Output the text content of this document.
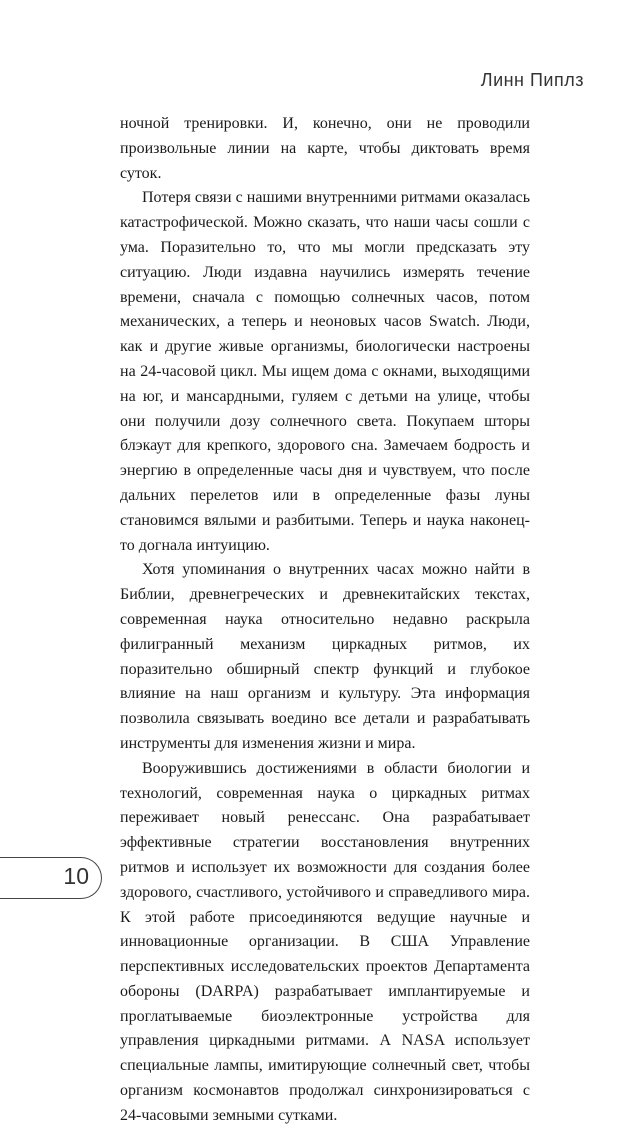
Линн Пиплз

ночной тренировки. И, конечно, они не проводили произвольные линии на карте, чтобы диктовать время суток.

Потеря связи с нашими внутренними ритмами оказалась катастрофической. Можно сказать, что наши часы сошли с ума. Поразительно то, что мы могли предсказать эту ситуацию. Люди издавна научились измерять течение времени, сначала с помощью солнечных часов, потом механических, а теперь и неоновых часов Swatch. Люди, как и другие живые организмы, биологически настроены на 24-часовой цикл. Мы ищем дома с окнами, выходящими на юг, и мансардными, гуляем с детьми на улице, чтобы они получили дозу солнечного света. Покупаем шторы блэкаут для крепкого, здорового сна. Замечаем бодрость и энергию в определенные часы дня и чувствуем, что после дальних перелетов или в определенные фазы луны становимся вялыми и разбитыми. Теперь и наука наконец-то догнала интуицию.

Хотя упоминания о внутренних часах можно найти в Библии, древнегреческих и древнекитайских текстах, современная наука относительно недавно раскрыла филигранный механизм циркадных ритмов, их поразительно обширный спектр функций и глубокое влияние на наш организм и культуру. Эта информация позволила связывать воедино все детали и разрабатывать инструменты для изменения жизни и мира.

Вооружившись достижениями в области биологии и технологий, современная наука о циркадных ритмах переживает новый ренессанс. Она разрабатывает эффективные стратегии восстановления внутренних ритмов и использует их возможности для создания более здорового, счастливого, устойчивого и справедливого мира. К этой работе присоединяются ведущие научные и инновационные организации. В США Управление перспективных исследовательских проектов Департамента обороны (DARPA) разрабатывает имплантируемые и проглатываемые биоэлектронные устройства для управления циркадными ритмами. А NASA использует специальные лампы, имитирующие солнечный свет, чтобы организм космонавтов продолжал синхронизироваться с 24-часовыми земными сутками.

10
